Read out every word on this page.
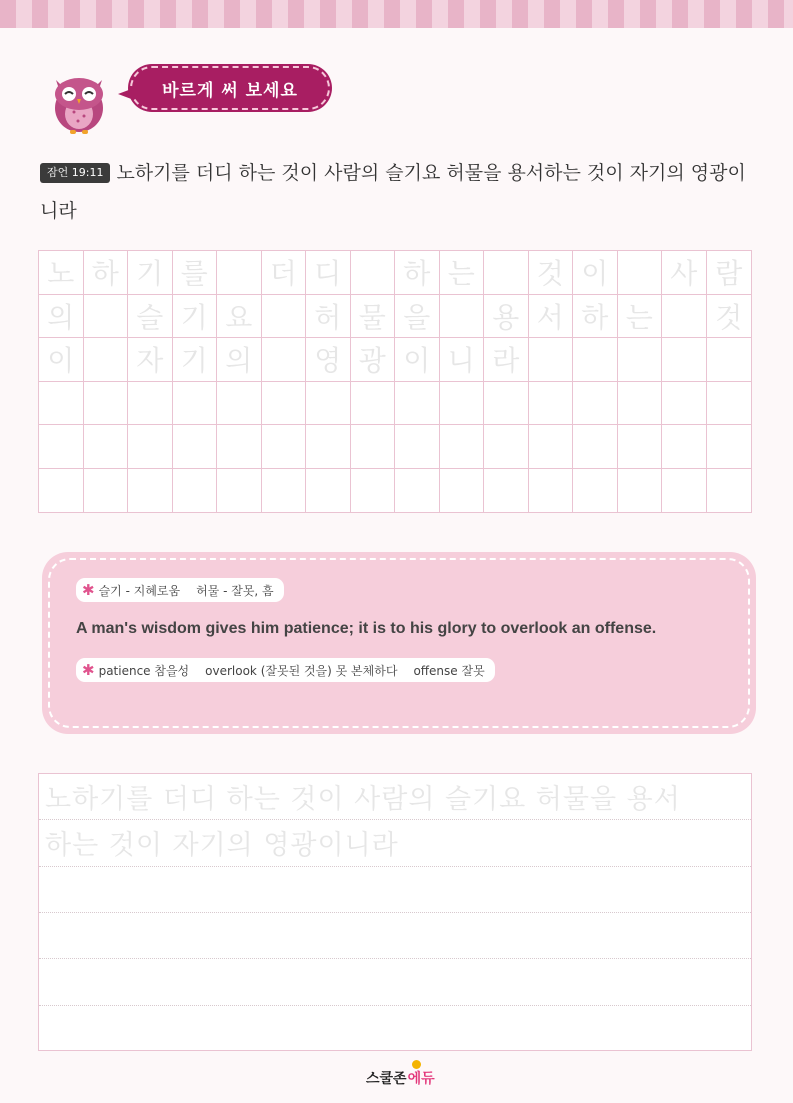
바르게 써 보세요
잠언 19:11 노하기를 더디 하는 것이 사람의 슬기요 허물을 용서하는 것이 자기의 영광이니라
노 하 기 를	더 디	하 는	것 이	사 람
의	슬 기 요	허 물 을	용 서 하 는	것
이	자 기 의	영 광 이 니 라
✱ 슬기 - 지혜로움 허물 - 잘못, 흠
A man's wisdom gives him patience; it is to his glory to overlook an offense.
✱ patience 참을성 overlook (잘못된 것을) 못 본체하다 offense 잘못
노하기를 더디 하는 것이 사람의 슬기요 허물을 용서
하는 것이 자기의 영광이니라
스쿨존 에듀
